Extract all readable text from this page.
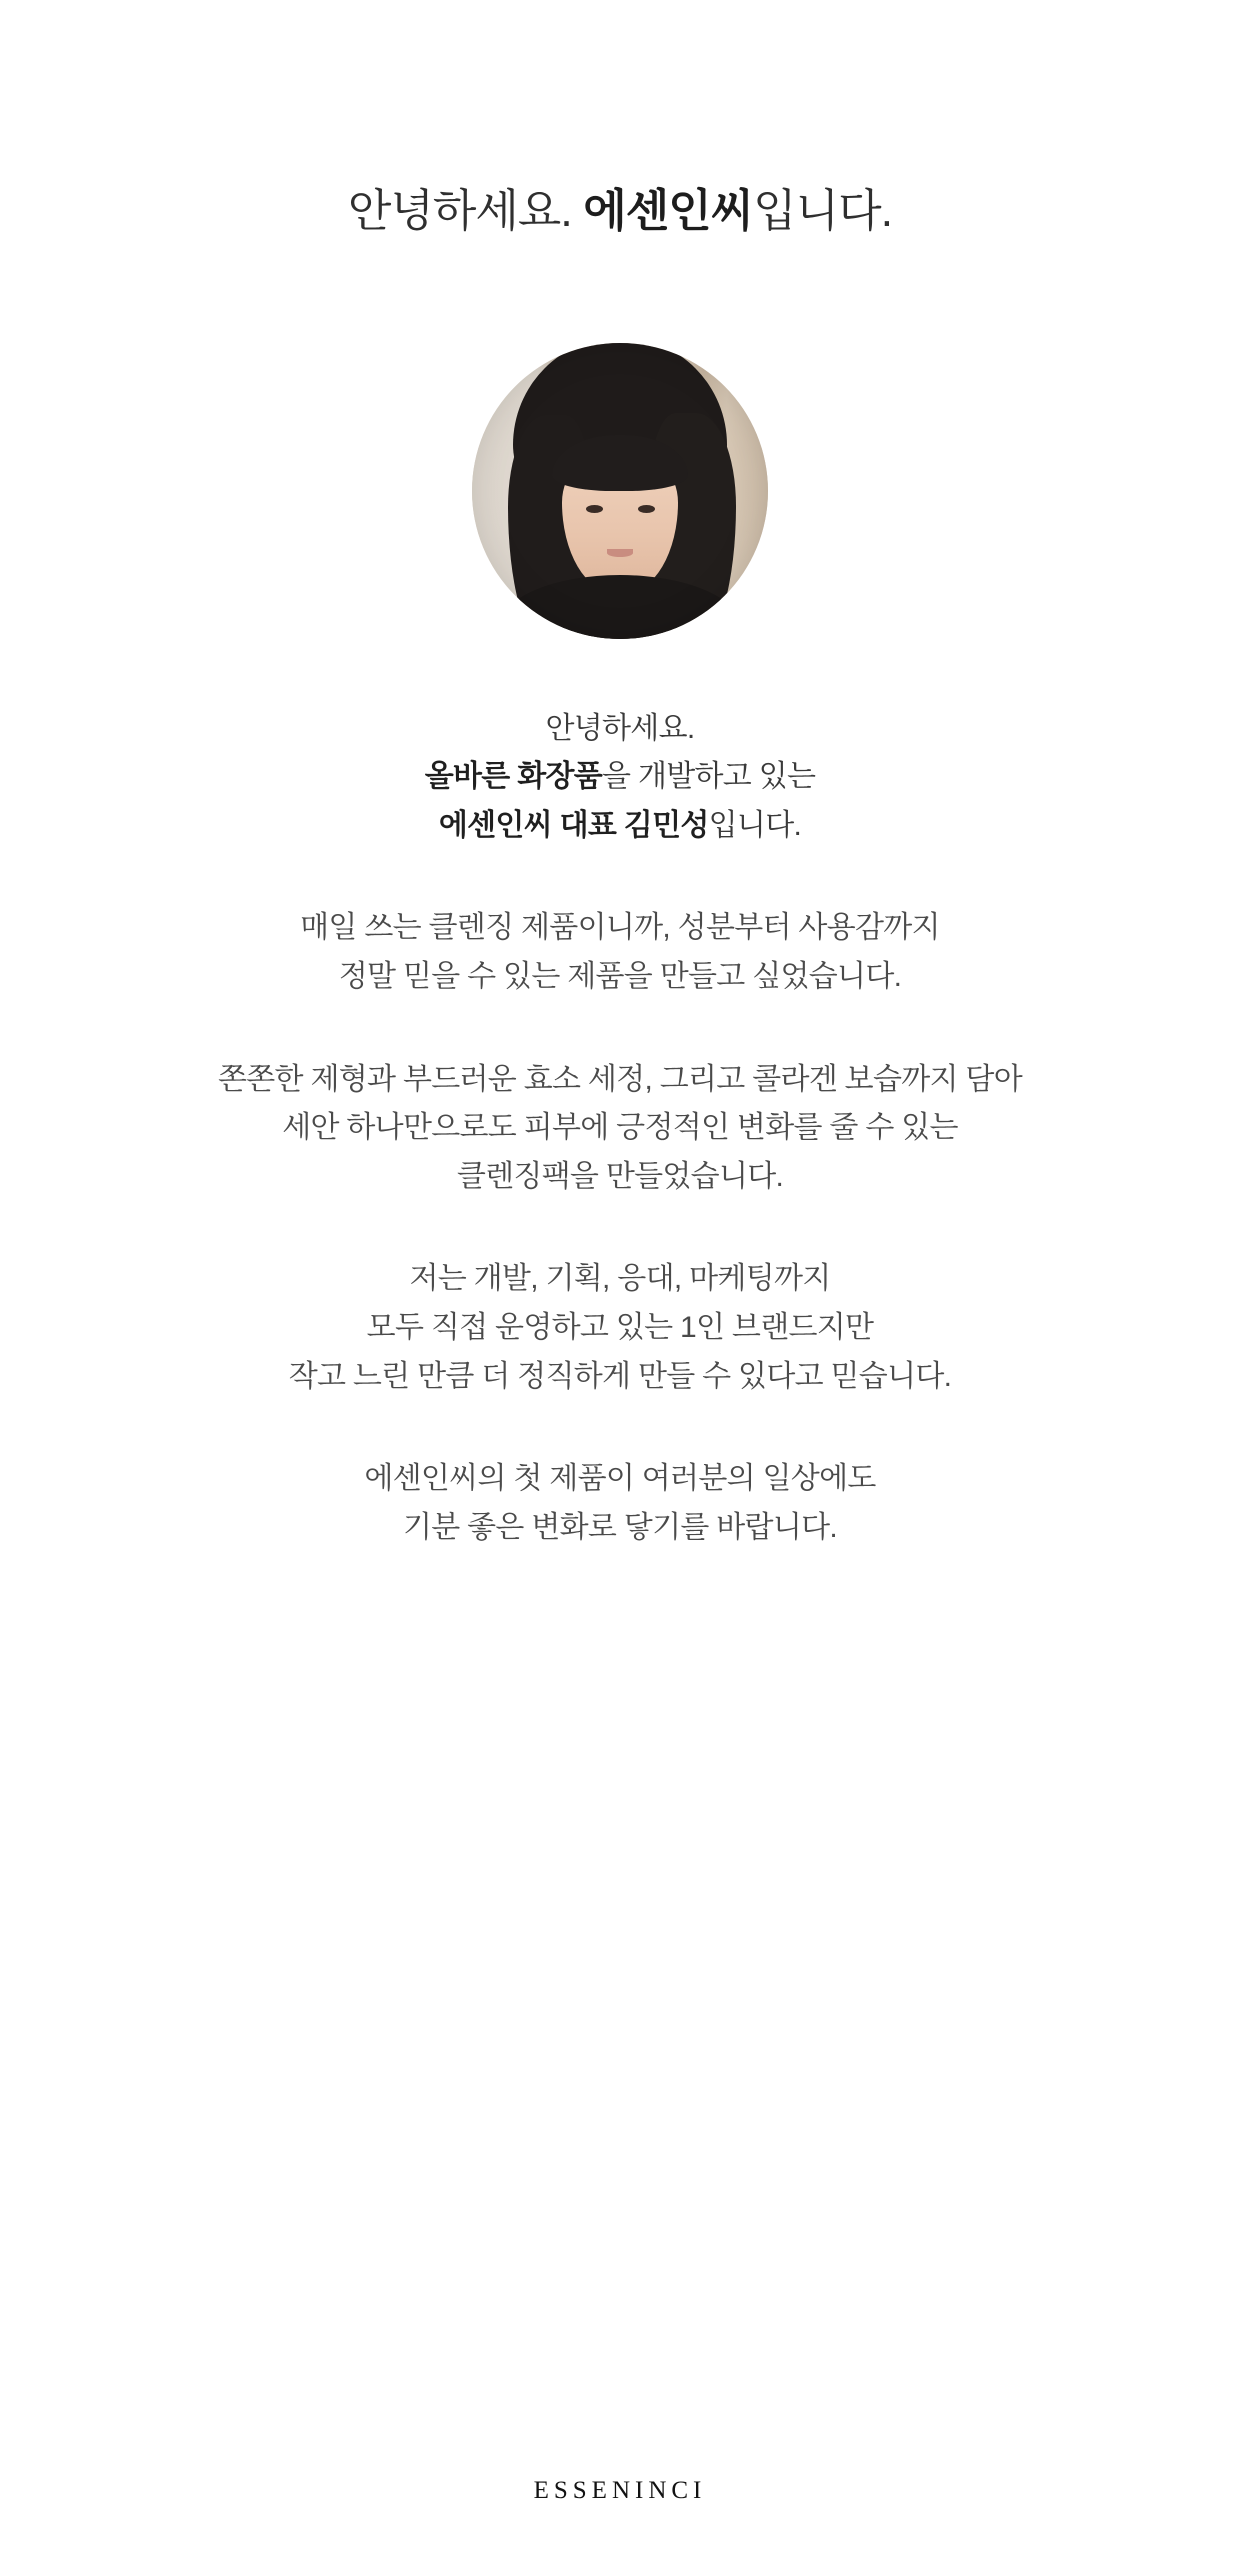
안녕하세요. 에센인씨입니다.
안녕하세요.
올바른 화장품을 개발하고 있는
에센인씨 대표 김민성입니다.
매일 쓰는 클렌징 제품이니까, 성분부터 사용감까지
정말 믿을 수 있는 제품을 만들고 싶었습니다.
쫀쫀한 제형과 부드러운 효소 세정, 그리고 콜라겐 보습까지 담아
세안 하나만으로도 피부에 긍정적인 변화를 줄 수 있는
클렌징팩을 만들었습니다.
저는 개발, 기획, 응대, 마케팅까지
모두 직접 운영하고 있는 1인 브랜드지만
작고 느린 만큼 더 정직하게 만들 수 있다고 믿습니다.
에센인씨의 첫 제품이 여러분의 일상에도
기분 좋은 변화로 닿기를 바랍니다.
ESSENINCI
